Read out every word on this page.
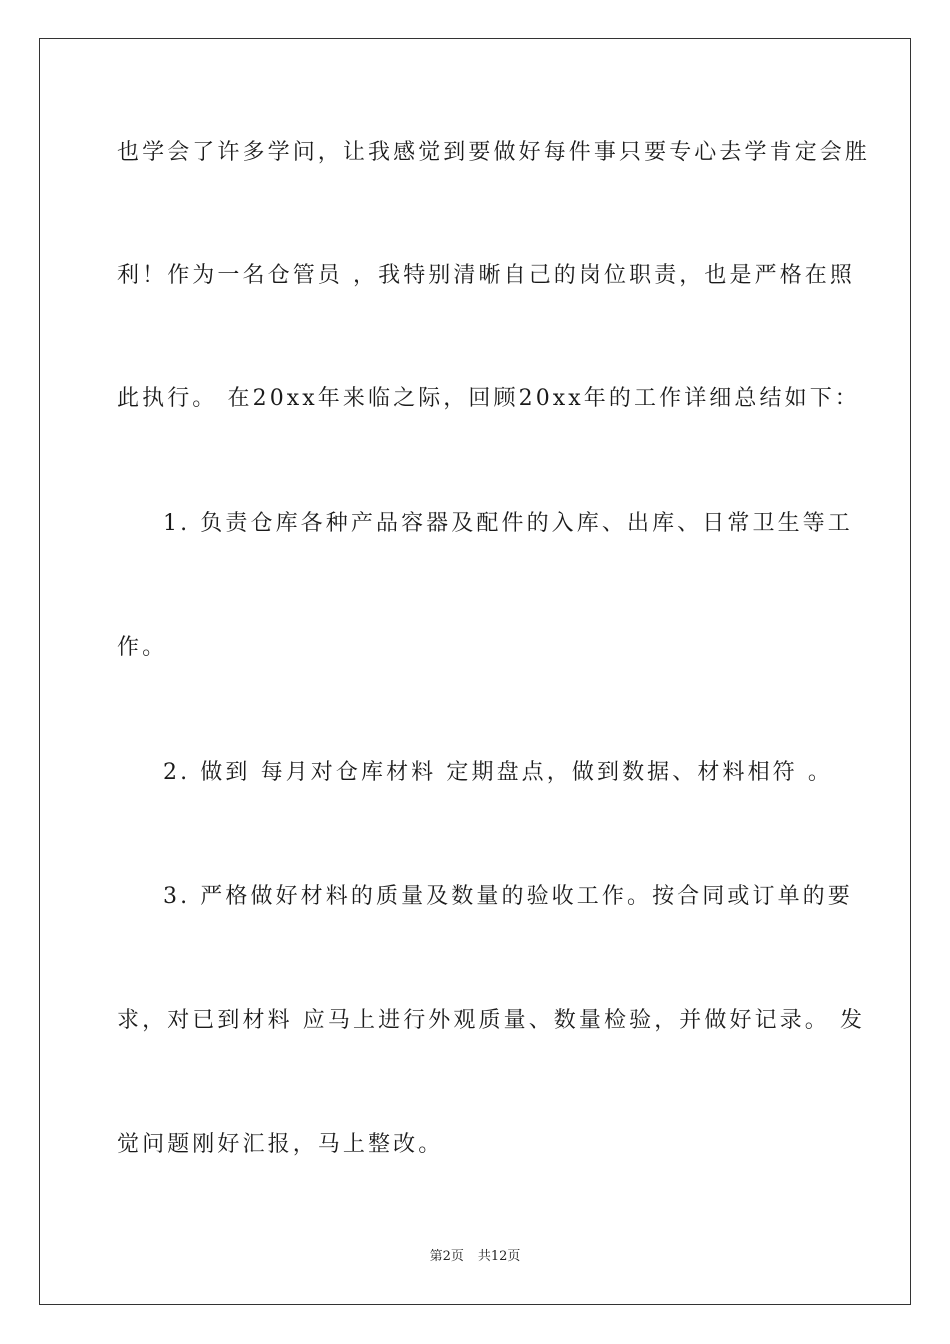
也学会了许多学问，让我感觉到要做好每件事只要专心去学肯定会胜
利！作为一名仓管员 ，我特别清晰自己的岗位职责，也是严格在照
此执行。 在20xx年来临之际，回顾20xx年的工作详细总结如下：
1. 负责仓库各种产品容器及配件的入库、出库、日常卫生等工
作。
2. 做到 每月对仓库材料 定期盘点，做到数据、材料相符 。
3. 严格做好材料的质量及数量的验收工作。按合同或订单的要
求，对已到材料 应马上进行外观质量、数量检验，并做好记录。 发
觉问题刚好汇报，马上整改。
第2页 共12页
